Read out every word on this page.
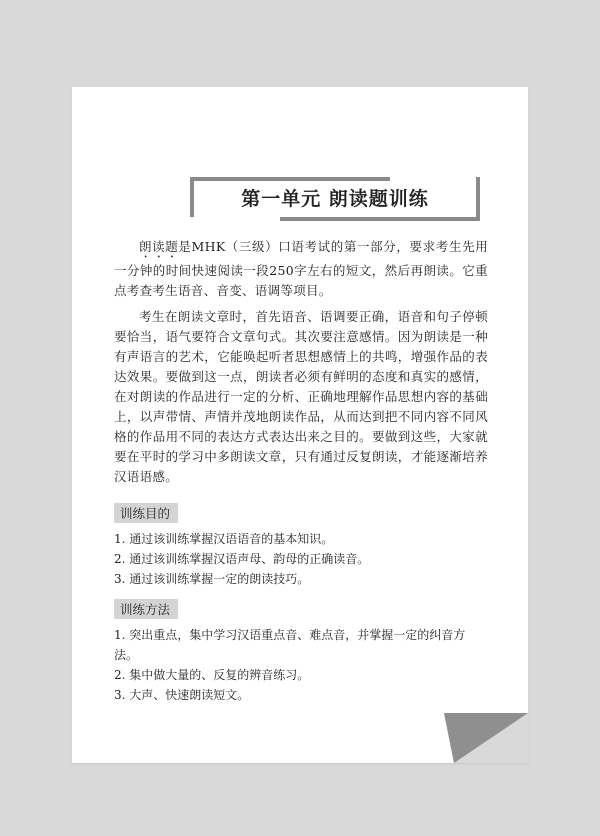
第一单元 朗读题训练

朗读题是MHK（三级）口语考试的第一部分，要求考生先用一分钟的时间快速阅读一段250字左右的短文，然后再朗读。它重点考查考生语音、音变、语调等项目。

考生在朗读文章时，首先语音、语调要正确，语音和句子停顿要恰当，语气要符合文章句式。其次要注意感情。因为朗读是一种有声语言的艺术，它能唤起听者思想感情上的共鸣，增强作品的表达效果。要做到这一点，朗读者必须有鲜明的态度和真实的感情，在对朗读的作品进行一定的分析、正确地理解作品思想内容的基础上，以声带情、声情并茂地朗读作品，从而达到把不同内容不同风格的作品用不同的表达方式表达出来之目的。要做到这些，大家就要在平时的学习中多朗读文章，只有通过反复朗读，才能逐渐培养汉语语感。

训练目的
1. 通过该训练掌握汉语语音的基本知识。
2. 通过该训练掌握汉语声母、韵母的正确读音。
3. 通过该训练掌握一定的朗读技巧。
训练方法
1. 突出重点，集中学习汉语重点音、难点音，并掌握一定的纠音方法。
2. 集中做大量的、反复的辨音练习。
3. 大声、快速朗读短文。
